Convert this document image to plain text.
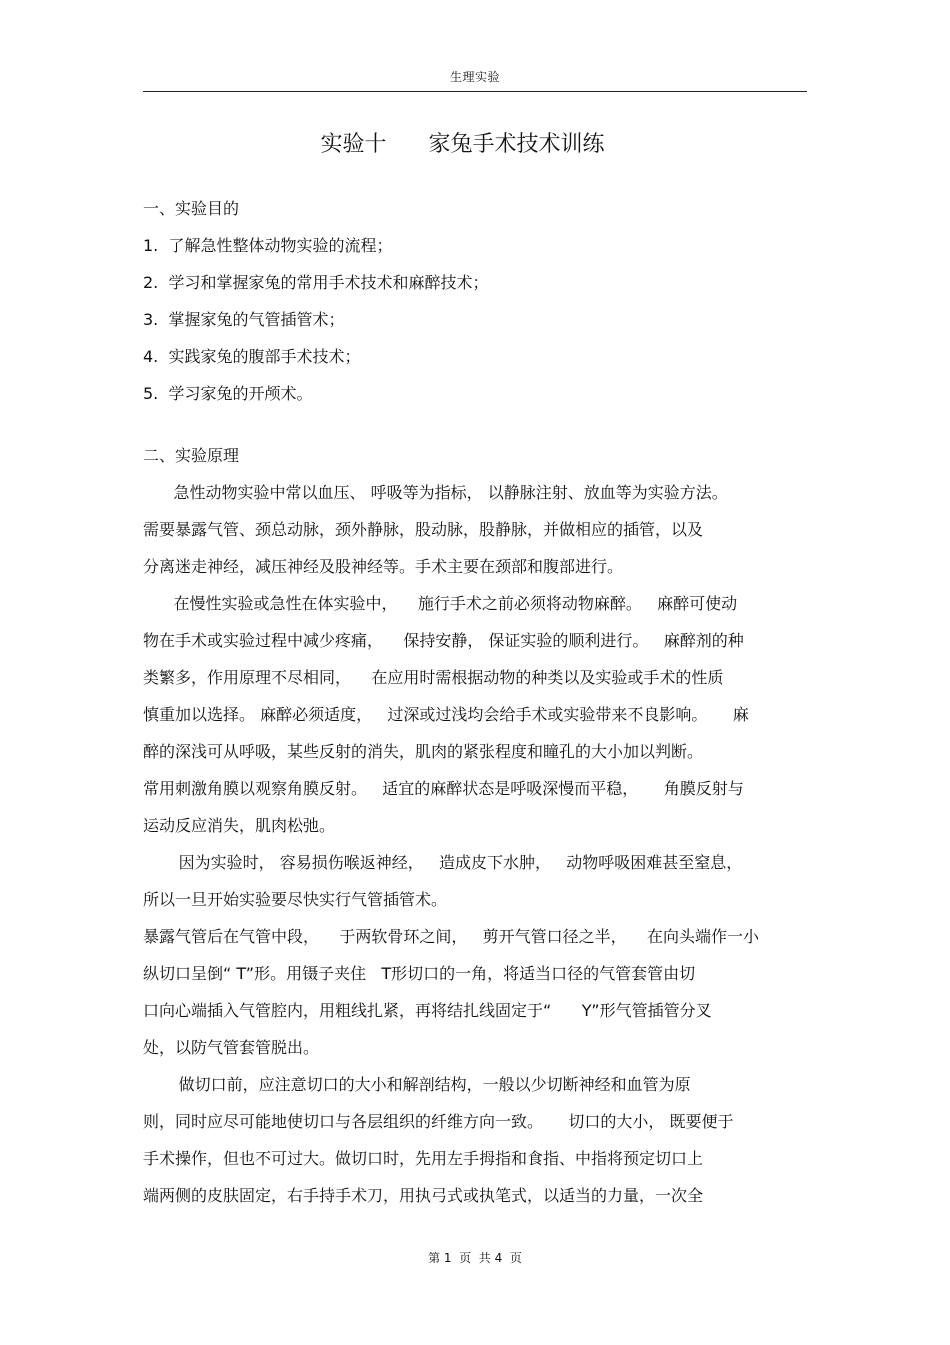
生理实验
实验十      家兔手术技术训练
一、实验目的
1.  了解急性整体动物实验的流程；
2.  学习和掌握家兔的常用手术技术和麻醉技术；
3.  掌握家兔的气管插管术；
4.  实践家兔的腹部手术技术；
5.  学习家兔的开颅术。
二、实验原理
急性动物实验中常以血压、 呼吸等为指标， 以静脉注射、放血等为实验方法。
需要暴露气管、颈总动脉，颈外静脉，股动脉，股静脉，并做相应的插管，以及
分离迷走神经，减压神经及股神经等。手术主要在颈部和腹部进行。
在慢性实验或急性在体实验中，    施行手术之前必须将动物麻醉。   麻醉可使动
物在手术或实验过程中减少疼痛，    保持安静， 保证实验的顺利进行。   麻醉剂的种
类繁多，作用原理不尽相同，    在应用时需根据动物的种类以及实验或手术的性质
慎重加以选择。 麻醉必须适度，   过深或过浅均会给手术或实验带来不良影响。     麻
醉的深浅可从呼吸，某些反射的消失，肌肉的紧张程度和瞳孔的大小加以判断。
常用刺激角膜以观察角膜反射。   适宜的麻醉状态是呼吸深慢而平稳，     角膜反射与
运动反应消失，肌肉松弛。
因为实验时， 容易损伤喉返神经，   造成皮下水肿，   动物呼吸困难甚至窒息，
所以一旦开始实验要尽快实行气管插管术。
暴露气管后在气管中段，    于两软骨环之间，   剪开气管口径之半，    在向头端作一小
纵切口呈倒“ T”形。用镊子夹住   T形切口的一角，将适当口径的气管套管由切
口向心端插入气管腔内，用粗线扎紧，再将结扎线固定于“      Y”形气管插管分叉
处，以防气管套管脱出。
做切口前，应注意切口的大小和解剖结构，一般以少切断神经和血管为原
则，同时应尽可能地使切口与各层组织的纤维方向一致。     切口的大小， 既要便于
手术操作，但也不可过大。做切口时，先用左手拇指和食指、中指将预定切口上
端两侧的皮肤固定，右手持手术刀，用执弓式或执笔式，以适当的力量，一次全
第 1  页  共 4  页
